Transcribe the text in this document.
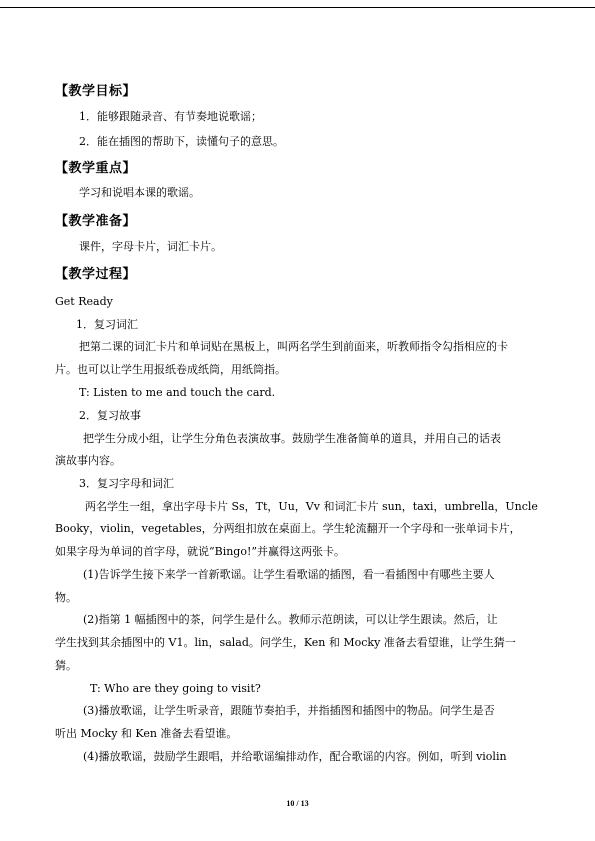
【教学目标】
1．能够跟随录音、有节奏地说歌谣；
2．能在插图的帮助下，读懂句子的意思。
【教学重点】
学习和说唱本课的歌谣。
【教学准备】
课件，字母卡片，词汇卡片。
【教学过程】
Get Ready
1．复习词汇
把第二课的词汇卡片和单词贴在黑板上，叫两名学生到前面来，听教师指令勾指相应的卡
片。也可以让学生用报纸卷成纸筒，用纸筒指。
T: Listen to me and touch the card.
2．复习故事
把学生分成小组，让学生分角色表演故事。鼓励学生准备简单的道具，并用自己的话表
演故事内容。
3．复习字母和词汇
两名学生一组，拿出字母卡片 Ss，Tt，Uu，Vv 和词汇卡片 sun，taxi，umbrella，Uncle
Booky，violin，vegetables，分两组扣放在桌面上。学生轮流翻开一个字母和一张单词卡片，
如果字母为单词的首字母，就说“Bingo!”并赢得这两张卡。
(1)告诉学生接下来学一首新歌谣。让学生看歌谣的插图，看一看插图中有哪些主要人
物。
(2)指第 1 幅插图中的茶，问学生是什么。教师示范朗读，可以让学生跟读。然后，让
学生找到其余插图中的 V1。lin，salad。问学生，Ken 和 Mocky 准备去看望谁，让学生猜一
猜。
T: Who are they going to visit?
(3)播放歌谣，让学生听录音，跟随节奏拍手，并指插图和插图中的物品。问学生是否
听出 Mocky 和 Ken 准备去看望谁。
(4)播放歌谣，鼓励学生跟唱，并给歌谣编排动作，配合歌谣的内容。例如，听到 violin
10 / 13
